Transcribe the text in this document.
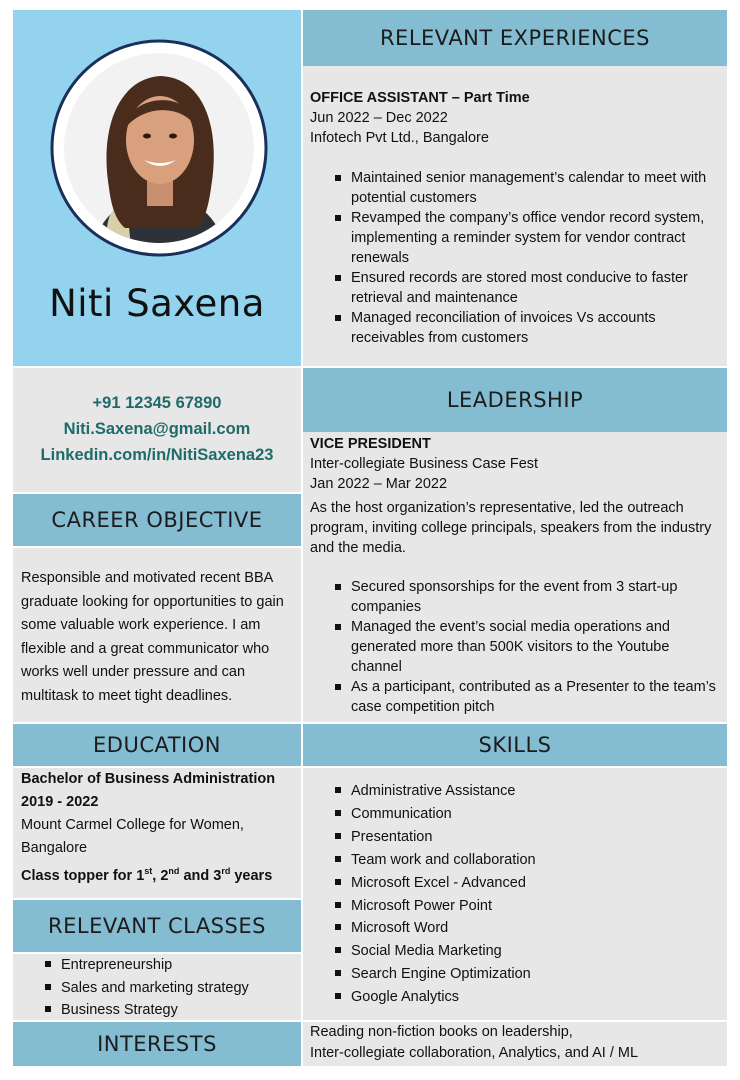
Niti Saxena
+91 12345 67890
Niti.Saxena@gmail.com
Linkedin.com/in/NitiSaxena23
CAREER OBJECTIVE
Responsible and motivated recent BBA graduate looking for opportunities to gain some valuable work experience. I am flexible and a great communicator who works well under pressure and can multitask to meet tight deadlines.
EDUCATION
Bachelor of Business Administration
2019 - 2022
Mount Carmel College for Women, Bangalore
Class topper for 1st, 2nd and 3rd years
RELEVANT CLASSES
Entrepreneurship
Sales and marketing strategy
Business Strategy
INTERESTS
RELEVANT EXPERIENCES
OFFICE ASSISTANT – Part Time
Jun 2022 – Dec 2022
Infotech Pvt Ltd., Bangalore
Maintained senior management’s calendar to meet with potential customers
Revamped the company’s office vendor record system, implementing a reminder system for vendor contract renewals
Ensured records are stored most conducive to faster retrieval and maintenance
Managed reconciliation of invoices Vs accounts receivables from customers
LEADERSHIP
VICE PRESIDENT
Inter-collegiate Business Case Fest
Jan 2022 – Mar 2022
As the host organization’s representative, led the outreach program, inviting college principals, speakers from the industry and the media.
Secured sponsorships for the event from 3 start-up companies
Managed the event’s social media operations and generated more than 500K visitors to the Youtube channel
As a participant, contributed as a Presenter to the team’s case competition pitch
SKILLS
Administrative Assistance
Communication
Presentation
Team work and collaboration
Microsoft Excel - Advanced
Microsoft Power Point
Microsoft Word
Social Media Marketing
Search Engine Optimization
Google Analytics
Reading non-fiction books on leadership,
Inter-collegiate collaboration, Analytics, and AI / ML
